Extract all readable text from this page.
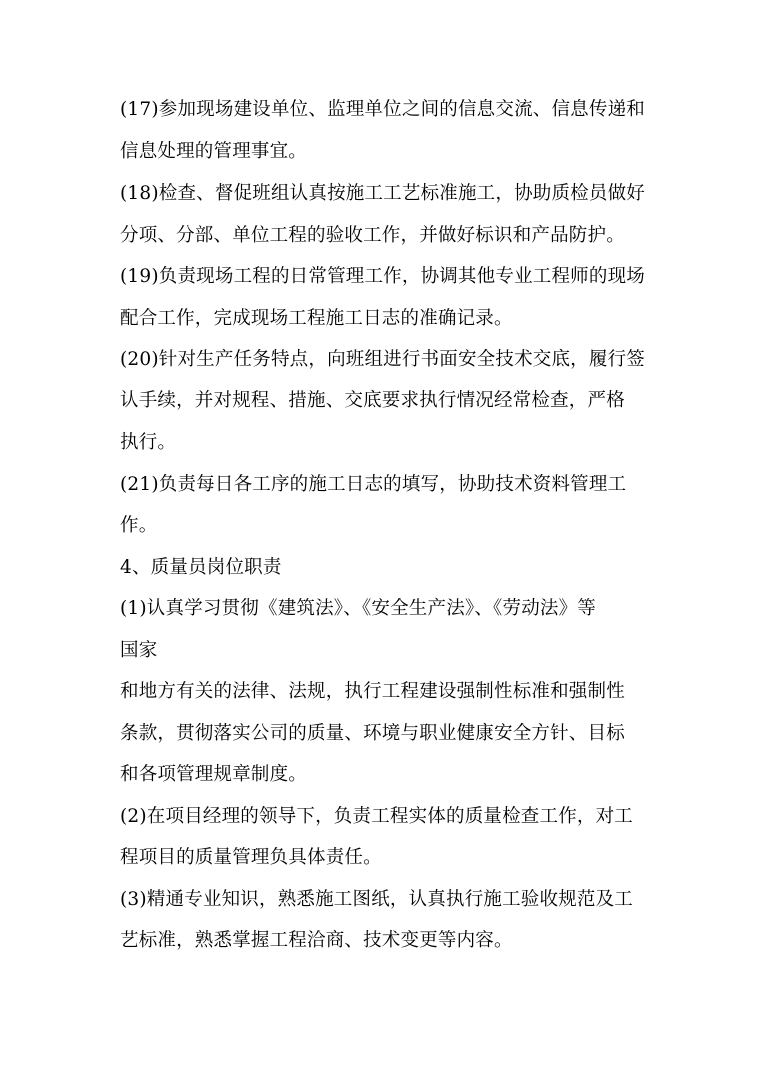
(17)参加现场建设单位、监理单位之间的信息交流、信息传递和
信息处理的管理事宜。
(18)检查、督促班组认真按施工工艺标准施工，协助质检员做好
分项、分部、单位工程的验收工作，并做好标识和产品防护。
(19)负责现场工程的日常管理工作，协调其他专业工程师的现场
配合工作，完成现场工程施工日志的准确记录。
(20)针对生产任务特点，向班组进行书面安全技术交底，履行签
认手续，并对规程、措施、交底要求执行情况经常检查，严格
执行。
(21)负责每日各工序的施工日志的填写，协助技术资料管理工
作。
4、质量员岗位职责
(1)认真学习贯彻《建筑法》、《安全生产法》、《劳动法》等
国家
和地方有关的法律、法规，执行工程建设强制性标准和强制性
条款，贯彻落实公司的质量、环境与职业健康安全方针、目标
和各项管理规章制度。
(2)在项目经理的领导下，负责工程实体的质量检查工作，对工
程项目的质量管理负具体责任。
(3)精通专业知识，熟悉施工图纸，认真执行施工验收规范及工
艺标准，熟悉掌握工程洽商、技术变更等内容。
